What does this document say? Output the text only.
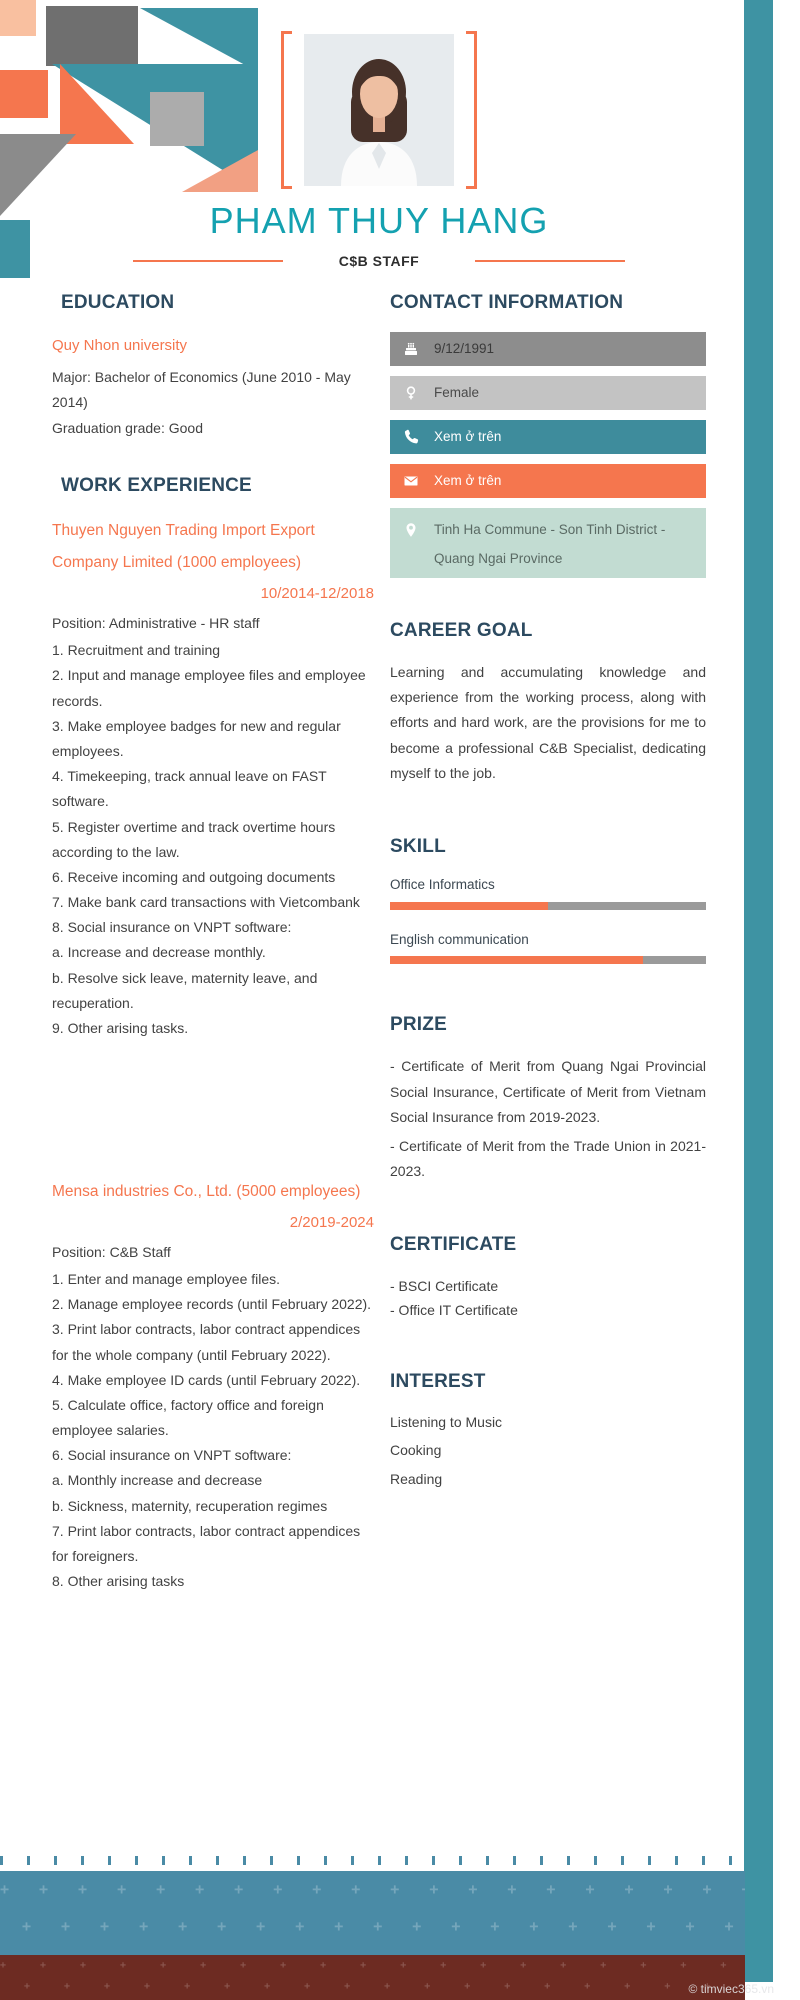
PHAM THUY HANG
C$B STAFF
EDUCATION

Quy Nhon university

Major: Bachelor of Economics (June 2010 - May 2014)

Graduation grade: Good

WORK EXPERIENCE

Thuyen Nguyen Trading Import Export Company Limited (1000 employees)

10/2014-12/2018

Position: Administrative - HR staff

1. Recruitment and training

2. Input and manage employee files and employee records.

3. Make employee badges for new and regular employees.

4. Timekeeping, track annual leave on FAST software.

5. Register overtime and track overtime hours according to the law.

6. Receive incoming and outgoing documents

7. Make bank card transactions with Vietcombank

8. Social insurance on VNPT software:

a. Increase and decrease monthly.

b. Resolve sick leave, maternity leave, and recuperation.

9. Other arising tasks.

Mensa industries Co., Ltd. (5000 employees)

2/2019-2024

Position: C&B Staff

1. Enter and manage employee files.

2. Manage employee records (until February 2022).

3. Print labor contracts, labor contract appendices for the whole company (until February 2022).

4. Make employee ID cards (until February 2022).

5. Calculate office, factory office and foreign employee salaries.

6. Social insurance on VNPT software:

a. Monthly increase and decrease

b. Sickness, maternity, recuperation regimes

7. Print labor contracts, labor contract appendices for foreigners.

8. Other arising tasks

CONTACT INFORMATION
9/12/1991
Female
Xem ở trên
Xem ở trên
Tinh Ha Commune - Son Tinh District - Quang Ngai Province
CAREER GOAL

Learning and accumulating knowledge and experience from the working process, along with efforts and hard work, are the provisions for me to become a professional C&B Specialist, dedicating myself to the job.

SKILL

Office Informatics

English communication

PRIZE

- Certificate of Merit from Quang Ngai Provincial Social Insurance, Certificate of Merit from Vietnam Social Insurance from 2019-2023.

- Certificate of Merit from the Trade Union in 2021-2023.

CERTIFICATE

- BSCI Certificate

- Office IT Certificate

INTEREST

Listening to Music

Cooking

Reading

++++++++++++++++++++++++++++++++
++++++++++++++++++++++++++++++++
++++++++++++++++++++++++++++++++
++++++++++++++++++++++++++++++++
© timviec365.vn
